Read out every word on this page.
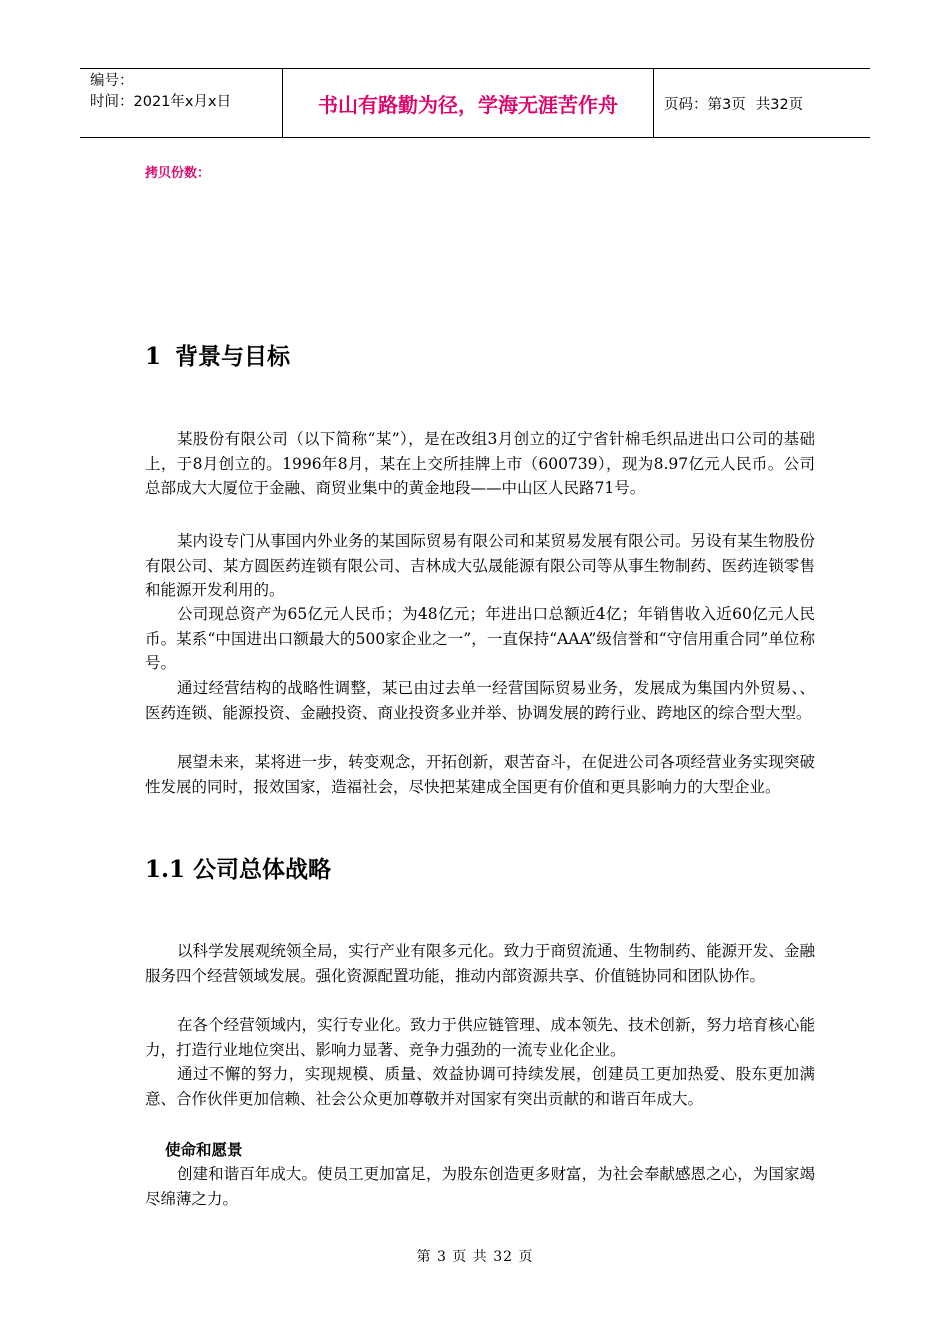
编号：
时间：2021年x月x日	书山有路勤为径，学海无涯苦作舟	页码：第3页 共32页
拷贝份数：
1 背景与目标

某股份有限公司（以下简称“某”），是在改组3月创立的辽宁省针棉毛织品进出口公司的基础上，于8月创立的。1996年8月，某在上交所挂牌上市（600739），现为8.97亿元人民币。公司总部成大大厦位于金融、商贸业集中的黄金地段——中山区人民路71号。

某内设专门从事国内外业务的某国际贸易有限公司和某贸易发展有限公司。另设有某生物股份有限公司、某方圆医药连锁有限公司、吉林成大弘晟能源有限公司等从事生物制药、医药连锁零售和能源开发利用的。

公司现总资产为65亿元人民币；为48亿元；年进出口总额近4亿；年销售收入近60亿元人民币。某系“中国进出口额最大的500家企业之一”，一直保持“AAA”级信誉和“守信用重合同”单位称号。

通过经营结构的战略性调整，某已由过去单一经营国际贸易业务，发展成为集国内外贸易、、医药连锁、能源投资、金融投资、商业投资多业并举、协调发展的跨行业、跨地区的综合型大型。

展望未来，某将进一步，转变观念，开拓创新，艰苦奋斗，在促进公司各项经营业务实现突破性发展的同时，报效国家，造福社会，尽快把某建成全国更有价值和更具影响力的大型企业。

1.1 公司总体战略

以科学发展观统领全局，实行产业有限多元化。致力于商贸流通、生物制药、能源开发、金融服务四个经营领域发展。强化资源配置功能，推动内部资源共享、价值链协同和团队协作。

在各个经营领域内，实行专业化。致力于供应链管理、成本领先、技术创新，努力培育核心能力，打造行业地位突出、影响力显著、竞争力强劲的一流专业化企业。

通过不懈的努力，实现规模、质量、效益协调可持续发展，创建员工更加热爱、股东更加满意、合作伙伴更加信赖、社会公众更加尊敬并对国家有突出贡献的和谐百年成大。

使命和愿景

创建和谐百年成大。使员工更加富足，为股东创造更多财富，为社会奉献感恩之心，为国家竭尽绵薄之力。

第 3 页 共 32 页
